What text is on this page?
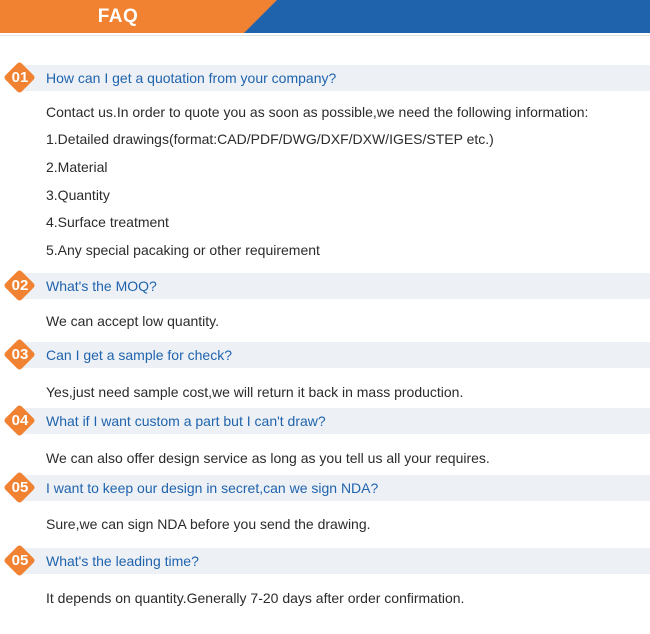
FAQ
01	How can I get a quotation from your company?
Contact us.In order to quote you as soon as possible,we need the following information:
1.Detailed drawings(format:CAD/PDF/DWG/DXF/DXW/IGES/STEP etc.)
2.Material
3.Quantity
4.Surface treatment
5.Any special pacaking or other requirement
02	What's the MOQ?
We can accept low quantity.
03	Can I get a sample for check?
Yes,just need sample cost,we will return it back in mass production.
04	What if I want custom a part but I can't draw?
We can also offer design service as long as you tell us all your requires.
05	I want to keep our design in secret,can we sign NDA?
Sure,we can sign NDA before you send the drawing.
05	What's the leading time?
It depends on quantity.Generally 7-20 days after order confirmation.
